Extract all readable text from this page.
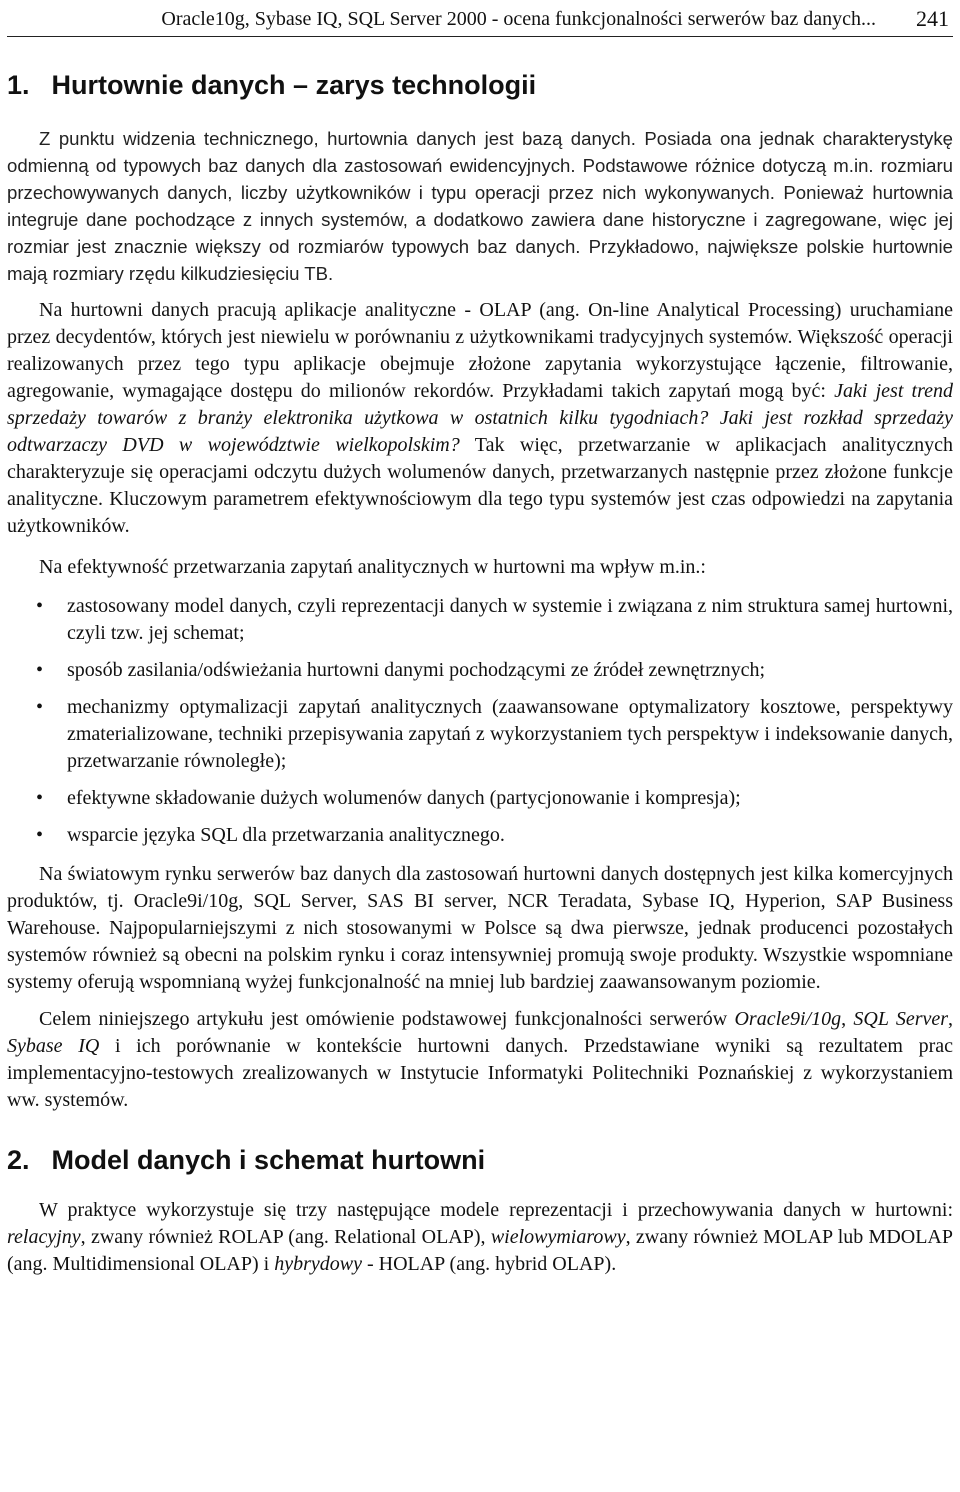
Oracle10g, Sybase IQ, SQL Server 2000 - ocena funkcjonalności serwerów baz danych...	241
1. Hurtownie danych – zarys technologii

Z punktu widzenia technicznego, hurtownia danych jest bazą danych. Posiada ona jednak charakterystykę odmienną od typowych baz danych dla zastosowań ewidencyjnych. Podstawowe różnice dotyczą m.in. rozmiaru przechowywanych danych, liczby użytkowników i typu operacji przez nich wykonywanych. Ponieważ hurtownia integruje dane pochodzące z innych systemów, a dodatkowo zawiera dane historyczne i zagregowane, więc jej rozmiar jest znacznie większy od rozmiarów typowych baz danych. Przykładowo, największe polskie hurtownie mają rozmiary rzędu kilkudziesięciu TB.

Na hurtowni danych pracują aplikacje analityczne - OLAP (ang. On-line Analytical Processing) uruchamiane przez decydentów, których jest niewielu w porównaniu z użytkownikami tradycyjnych systemów. Większość operacji realizowanych przez tego typu aplikacje obejmuje złożone zapytania wykorzystujące łączenie, filtrowanie, agregowanie, wymagające dostępu do milionów rekordów. Przykładami takich zapytań mogą być: Jaki jest trend sprzedaży towarów z branży elektronika użytkowa w ostatnich kilku tygodniach? Jaki jest rozkład sprzedaży odtwarzaczy DVD w województwie wielkopolskim? Tak więc, przetwarzanie w aplikacjach analitycznych charakteryzuje się operacjami odczytu dużych wolumenów danych, przetwarzanych następnie przez złożone funkcje analityczne. Kluczowym parametrem efektywnościowym dla tego typu systemów jest czas odpowiedzi na zapytania użytkowników.

Na efektywność przetwarzania zapytań analitycznych w hurtowni ma wpływ m.in.:

• zastosowany model danych, czyli reprezentacji danych w systemie i związana z nim struktura samej hurtowni, czyli tzw. jej schemat;
• sposób zasilania/odświeżania hurtowni danymi pochodzącymi ze źródeł zewnętrznych;
• mechanizmy optymalizacji zapytań analitycznych (zaawansowane optymalizatory kosztowe, perspektywy zmaterializowane, techniki przepisywania zapytań z wykorzystaniem tych perspektyw i indeksowanie danych, przetwarzanie równoległe);
• efektywne składowanie dużych wolumenów danych (partycjonowanie i kompresja);
• wsparcie języka SQL dla przetwarzania analitycznego.

Na światowym rynku serwerów baz danych dla zastosowań hurtowni danych dostępnych jest kilka komercyjnych produktów, tj. Oracle9i/10g, SQL Server, SAS BI server, NCR Teradata, Sybase IQ, Hyperion, SAP Business Warehouse. Najpopularniejszymi z nich stosowanymi w Polsce są dwa pierwsze, jednak producenci pozostałych systemów również są obecni na polskim rynku i coraz intensywniej promują swoje produkty. Wszystkie wspomniane systemy oferują wspomnianą wyżej funkcjonalność na mniej lub bardziej zaawansowanym poziomie.

Celem niniejszego artykułu jest omówienie podstawowej funkcjonalności serwerów Oracle9i/10g, SQL Server, Sybase IQ i ich porównanie w kontekście hurtowni danych. Przedstawiane wyniki są rezultatem prac implementacyjno-testowych zrealizowanych w Instytucie Informatyki Politechniki Poznańskiej z wykorzystaniem ww. systemów.

2. Model danych i schemat hurtowni

W praktyce wykorzystuje się trzy następujące modele reprezentacji i przechowywania danych w hurtowni: relacyjny, zwany również ROLAP (ang. Relational OLAP), wielowymiarowy, zwany również MOLAP lub MDOLAP (ang. Multidimensional OLAP) i hybrydowy - HOLAP (ang. hybrid OLAP).
